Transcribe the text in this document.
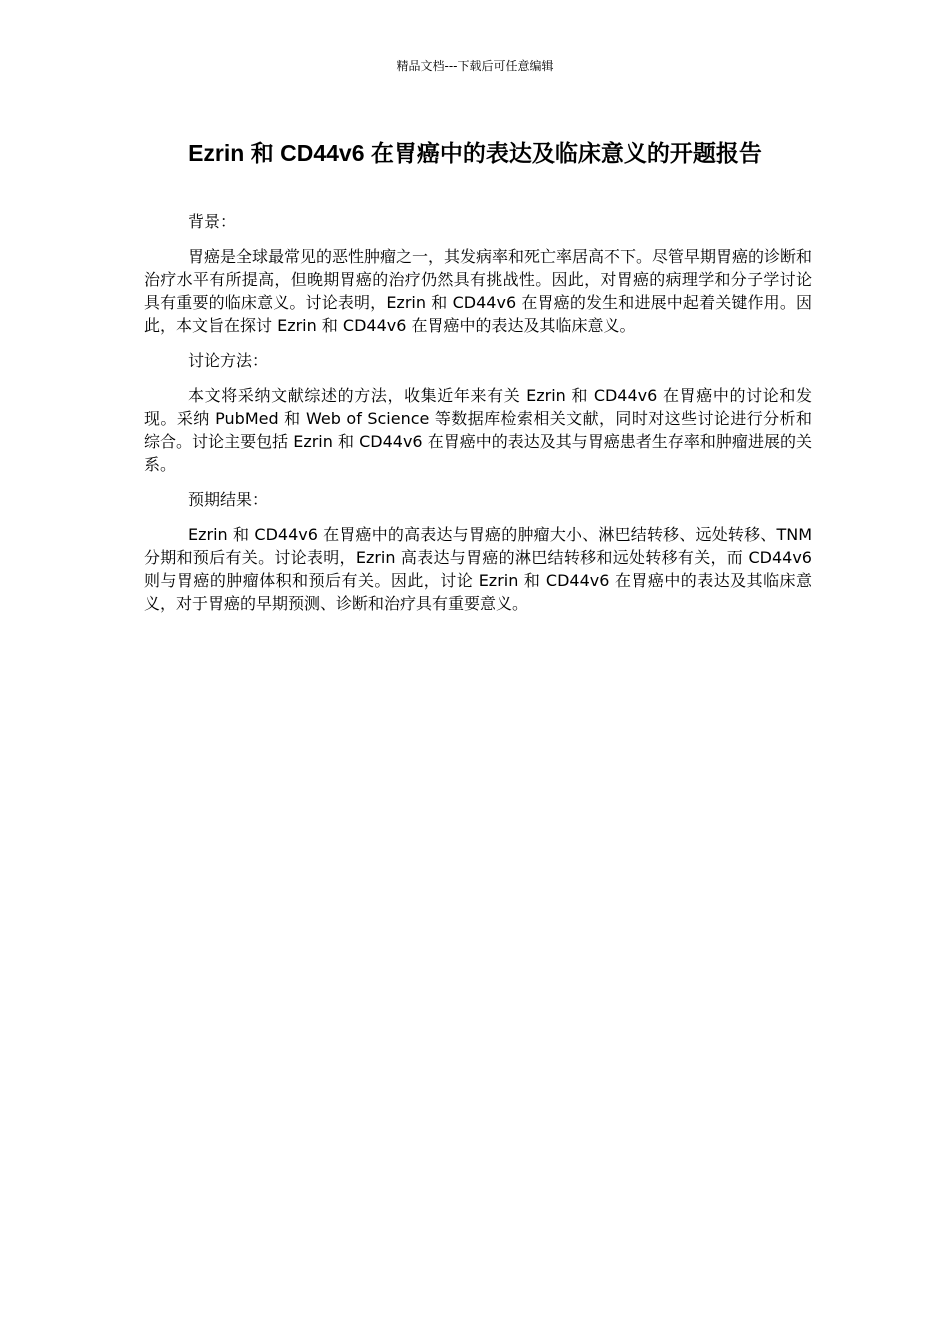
精品文档---下载后可任意编辑
Ezrin 和 CD44v6 在胃癌中的表达及临床意义的开题报告

背景：

胃癌是全球最常见的恶性肿瘤之一，其发病率和死亡率居高不下。尽管早期胃癌的诊断和治疗水平有所提高，但晚期胃癌的治疗仍然具有挑战性。因此，对胃癌的病理学和分子学讨论具有重要的临床意义。讨论表明，Ezrin 和 CD44v6 在胃癌的发生和进展中起着关键作用。因此，本文旨在探讨 Ezrin 和 CD44v6 在胃癌中的表达及其临床意义。

讨论方法：

本文将采纳文献综述的方法，收集近年来有关 Ezrin 和 CD44v6 在胃癌中的讨论和发现。采纳 PubMed 和 Web of Science 等数据库检索相关文献，同时对这些讨论进行分析和综合。讨论主要包括 Ezrin 和 CD44v6 在胃癌中的表达及其与胃癌患者生存率和肿瘤进展的关系。

预期结果：

Ezrin 和 CD44v6 在胃癌中的高表达与胃癌的肿瘤大小、淋巴结转移、远处转移、TNM 分期和预后有关。讨论表明，Ezrin 高表达与胃癌的淋巴结转移和远处转移有关，而 CD44v6 则与胃癌的肿瘤体积和预后有关。因此，讨论 Ezrin 和 CD44v6 在胃癌中的表达及其临床意义，对于胃癌的早期预测、诊断和治疗具有重要意义。
